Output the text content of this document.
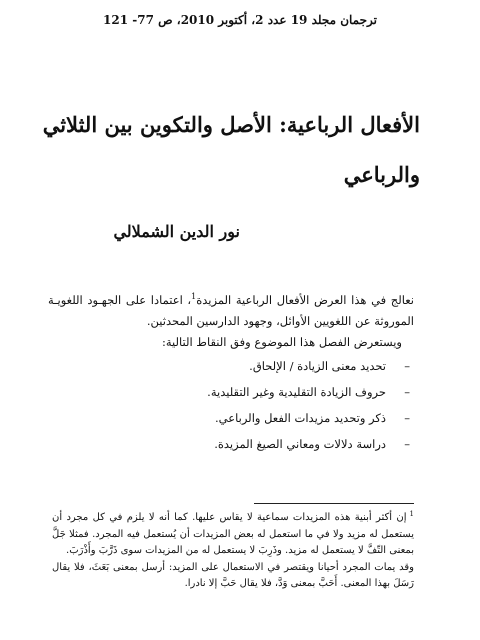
ترجمان مجلد 19 عدد 2، أكتوبر 2010، ص 77- 121
الأفعال الرباعية: الأصل والتكوين بين الثلاثي
والرباعي
نور الدين الشملالي

نعالج في هذا العرض الأفعال الرباعية المزيدة$^1$، اعتمادا على الجهـود اللغويـة الموروثة عن اللغويين الأوائل، وجهود الدارسين المحدثين.

ويستعرض الفصل هذا الموضوع وفق النقاط التالية:

–
تحديد معنى الزيادة / الإلحاق.
–
حروف الزيادة التقليدية وغير التقليدية.
–
ذكر وتحديد مزيدات الفعل والرباعي.
–
دراسة دلالات ومعاني الصيغ المزيدة.

$^1$إن أكثر أبنية هذه المزيدات سماعية لا يقاس عليها. كما أنه لا يلزم في كل مجرد أن يستعمل له مزيد ولا في ما استعمل له بعض المزيدات أن يُستعمل فيه المجرد. فمثلا جَلَّ بمعنى التّفَّ لا يستعمل له مزيد. وذَرِبَ لا يستعمل له من المزيدات سوى ذَرَّبَ وأَذْرَبَ.

وقد يمات المجرد أحيانا ويقتصر في الاستعمال على المزيد: أرسل بمعنى بَعَثَ، فلا يقال رَسَلَ بهذا المعنى. أَحَبَّ بمعنى وَدَّ، فلا يقال حَبَّ إلا نادرا.
